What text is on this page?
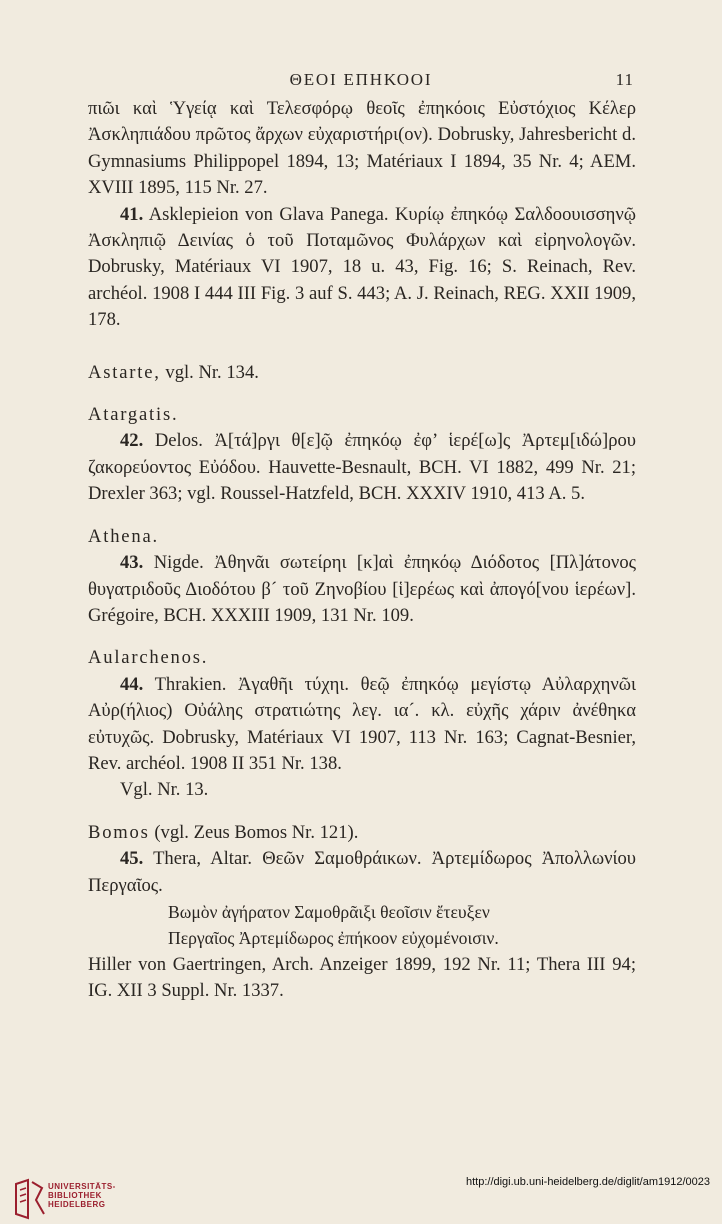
ΘΕΟΙ ΕΠΗΚΟΟΙ	11

πιῶι καὶ Ὑγείᾳ καὶ Τελεσφόρῳ θεοῖς ἐπηκόοις Εὐστόχιος Κέλερ Ἀσκληπιάδου πρῶτος ἄρχων εὐχαριστήρι(ον). Dobrusky, Jahresbericht d. Gymnasiums Philippopel 1894, 13; Matériaux I 1894, 35 Nr. 4; AEM. XVIII 1895, 115 Nr. 27.

41. Asklepieion von Glava Panega. Κυρίῳ ἐπηκόῳ Σαλδοουισσηνῷ Ἀσκληπιῷ Δεινίας ὁ τοῦ Ποταμῶνος Φυλάρχων καὶ εἰρηνολογῶν. Dobrusky, Matériaux VI 1907, 18 u. 43, Fig. 16; S. Reinach, Rev. archéol. 1908 I 444 III Fig. 3 auf S. 443; A. J. Reinach, REG. XXII 1909, 178.

Astarte, vgl. Nr. 134.

Atargatis.

42. Delos. Ἀ[τά]ργι θ[ε]ῷ ἐπηκόῳ ἐφ’ ἱερέ[ω]ς Ἀρτεμ[ιδώ]ρου ζακορεύοντος Εὐόδου. Hauvette-Besnault, BCH. VI 1882, 499 Nr. 21; Drexler 363; vgl. Roussel-Hatzfeld, BCH. XXXIV 1910, 413 A. 5.

Athena.

43. Nigde. Ἀθηνᾶι σωτείρηι [κ]αὶ ἐπηκόῳ Διόδοτος [Πλ]άτονος θυγατριδοῦς Διοδότου β´ τοῦ Ζηνοβίου [ἱ]ερέως καὶ ἀπογό[νου ἱερέων]. Grégoire, BCH. XXXIII 1909, 131 Nr. 109.

Aularchenos.

44. Thrakien. Ἀγαθῆι τύχηι. θεῷ ἐπηκόῳ μεγίστῳ Αὐλαρχηνῶι Αὐρ(ήλιος) Οὐάλης στρατιώτης λεγ. ια´. κλ. εὐχῆς χάριν ἀνέθηκα εὐτυχῶς. Dobrusky, Matériaux VI 1907, 113 Nr. 163; Cagnat-Besnier, Rev. archéol. 1908 II 351 Nr. 138.

Vgl. Nr. 13.

Bomos (vgl. Zeus Bomos Nr. 121).

45. Thera, Altar. Θεῶν Σαμοθράικων. Ἀρτεμίδωρος Ἀπολλωνίου Περγαῖος.

Βωμὸν ἀγήρατον Σαμοθρᾶιξι θεοῖσιν ἔτευξεν
Περγαῖος Ἀρτεμίδωρος ἐπήκοον εὐχομένοισιν.

Hiller von Gaertringen, Arch. Anzeiger 1899, 192 Nr. 11; Thera III 94; IG. XII 3 Suppl. Nr. 1337.

UNIVERSITÄTS-
BIBLIOTHEK
HEIDELBERG
http://digi.ub.uni-heidelberg.de/diglit/am1912/0023
